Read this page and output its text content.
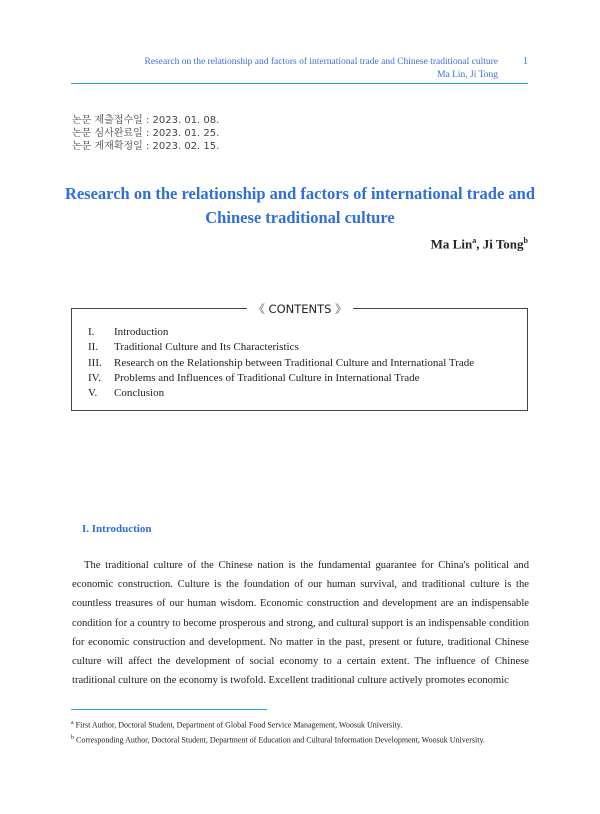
Research on the relationship and factors of international trade and Chinese traditional culture
Ma Lin, Ji Tong
1
논문 제출접수일 : 2023. 01. 08.
논문 심사완료일 : 2023. 01. 25.
논문 게재확정일 : 2023. 02. 15.
Research on the relationship and factors of international trade and
Chinese traditional culture
Ma Lin$^a$, Ji Tong$^b$
《 CONTENTS 》
I.	Introduction
II.	Traditional Culture and Its Characteristics
III.	Research on the Relationship between Traditional Culture and International Trade
IV.	Problems and Influences of Traditional Culture in International Trade
V.	Conclusion
I. Introduction
The traditional culture of the Chinese nation is the fundamental guarantee for China's political and economic construction. Culture is the foundation of our human survival, and traditional culture is the countless treasures of our human wisdom. Economic construction and development are an indispensable condition for a country to become prosperous and strong, and cultural support is an indispensable condition for economic construction and development. No matter in the past, present or future, traditional Chinese culture will affect the development of social economy to a certain extent. The influence of Chinese traditional culture on the economy is twofold. Excellent traditional culture actively promotes economic
$^a$ First Author, Doctoral Student, Department of Global Food Service Management, Woosuk University.
$^b$ Corresponding Author, Doctoral Student, Department of Education and Cultural Information Development, Woosuk University.
